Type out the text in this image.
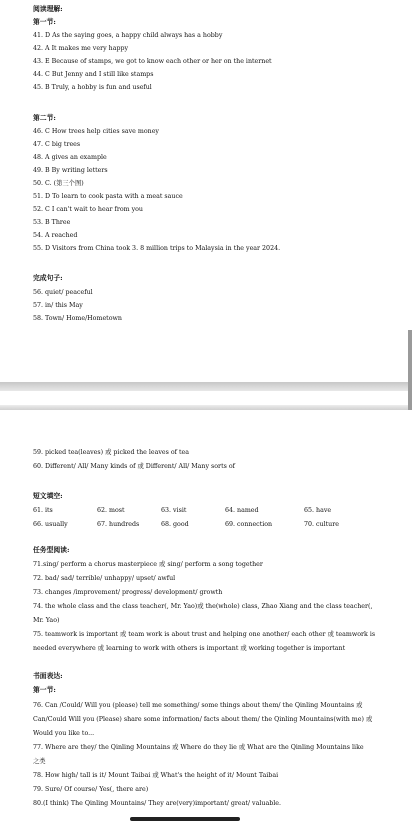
阅读理解:
第一节:
41. D As the saying goes, a happy child always has a hobby
42. A It makes me very happy
43. E Because of stamps, we got to know each other or her on the internet
44. C But Jenny and I still like stamps
45. B Truly, a hobby is fun and useful
第二节:
46. C How trees help cities save money
47. C big trees
48. A gives an example
49. B By writing letters
50. C. (第三个图)
51. D To learn to cook pasta with a meat sauce
52. C I can't wait to hear from you
53. B Three
54. A reached
55. D Visitors from China took 3. 8 million trips to Malaysia in the year 2024.
完成句子:
56. quiet/ peaceful
57. in/ this May
58. Town/ Home/Hometown
59. picked tea(leaves) 或 picked the leaves of tea
60. Different/ All/ Many kinds of 或 Different/ All/ Many sorts of
短文填空:
61. its	62. most	63. visit	64. named	65. have
66. usually	67. hundreds	68. good	69. connection	70. culture
任务型阅读:
71.sing/ perform a chorus masterpiece 或 sing/ perform a song together
72. bad/ sad/ terrible/ unhappy/ upset/ awful
73. changes /improvement/ progress/ development/ growth
74. the whole class and the class teacher(, Mr. Yao)或 the(whole) class, Zhao Xiang and the class teacher(,
Mr. Yao)
75. teamwork is important 或 team work is about trust and helping one another/ each other 或 teamwork is
needed everywhere 或 learning to work with others is important 或 working together is important
书面表达:
第一节:
76. Can /Could/ Will you (please) tell me something/ some things about them/ the Qinling Mountains 或
Can/Could Will you (Please) share some information/ facts about them/ the Qinling Mountains(with me) 或
Would you like to...
77. Where are they/ the Qinling Mountains 或 Where do they lie 或 What are the Qinling Mountains like
之类
78. How high/ tall is it/ Mount Taibai 或 What's the height of it/ Mount Taibai
79. Sure/ Of course/ Yes(, there are)
80.(I think) The Qinling Mountains/ They are(very)important/ great/ valuable.
